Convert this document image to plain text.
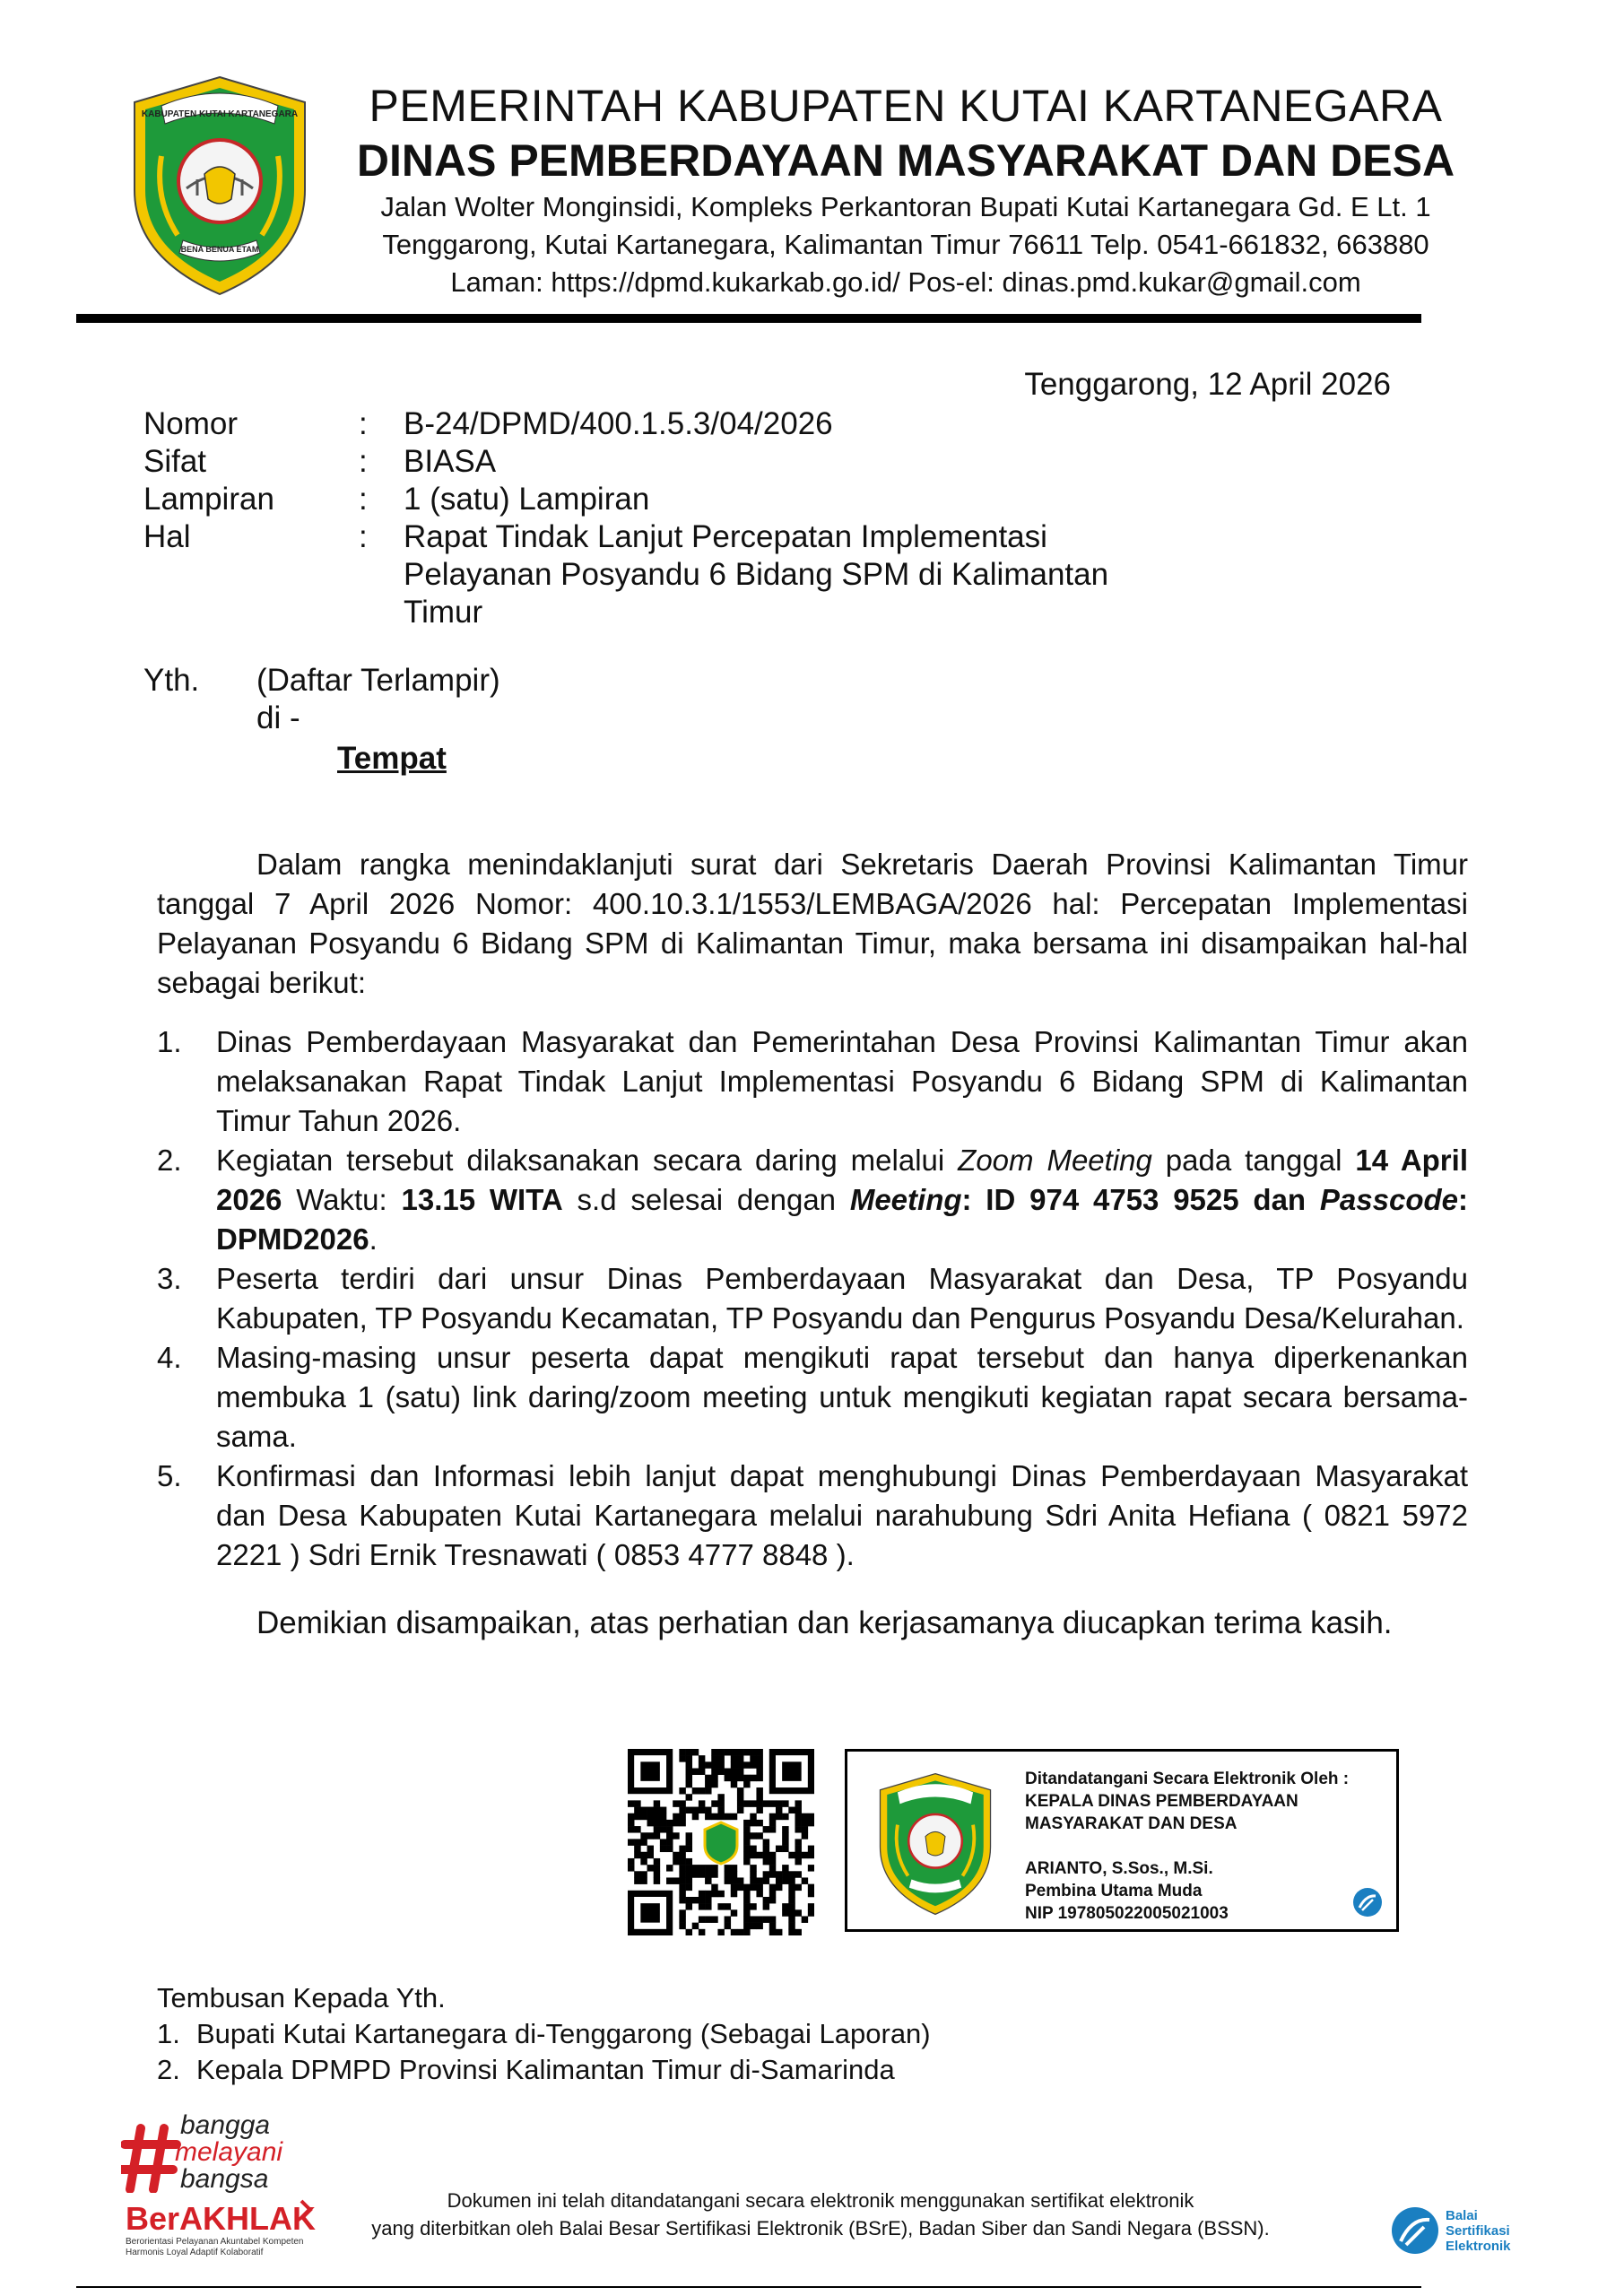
KABUPATEN KUTAI KARTANEGARA
BENA BENUA ETAM
PEMERINTAH KABUPATEN KUTAI KARTANEGARA
DINAS PEMBERDAYAAN MASYARAKAT DAN DESA
Jalan Wolter Monginsidi, Kompleks Perkantoran Bupati Kutai Kartanegara Gd. E Lt. 1
Tenggarong, Kutai Kartanegara, Kalimantan Timur 76611 Telp. 0541-661832, 663880
Laman: https://dpmd.kukarkab.go.id/ Pos-el: dinas.pmd.kukar@gmail.com
Tenggarong, 12 April 2026
Nomor	:	B-24/DPMD/400.1.5.3/04/2026
Sifat	:	BIASA
Lampiran	:	1 (satu) Lampiran
Hal	:	Rapat Tindak Lanjut Percepatan Implementasi
Pelayanan Posyandu 6 Bidang SPM di Kalimantan
Timur
Yth.	(Daftar Terlampir)
di -
Tempat

Dalam rangka menindaklanjuti surat dari Sekretaris Daerah Provinsi Kalimantan Timur tanggal 7 April 2026 Nomor: 400.10.3.1/1553/LEMBAGA/2026 hal: Percepatan Implementasi Pelayanan Posyandu 6 Bidang SPM di Kalimantan Timur, maka bersama ini disampaikan hal-hal sebagai berikut:

1.	Dinas Pemberdayaan Masyarakat dan Pemerintahan Desa Provinsi Kalimantan Timur akan melaksanakan Rapat Tindak Lanjut Implementasi Posyandu 6 Bidang SPM di Kalimantan Timur Tahun 2026.
2.	Kegiatan tersebut dilaksanakan secara daring melalui Zoom Meeting pada tanggal 14 April 2026 Waktu: 13.15 WITA s.d selesai dengan Meeting: ID 974 4753 9525 dan Passcode: DPMD2026.
3.	Peserta terdiri dari unsur Dinas Pemberdayaan Masyarakat dan Desa, TP Posyandu Kabupaten, TP Posyandu Kecamatan, TP Posyandu dan Pengurus Posyandu Desa/Kelurahan.
4.	Masing-masing unsur peserta dapat mengikuti rapat tersebut dan hanya diperkenankan membuka 1 (satu) link daring/zoom meeting untuk mengikuti kegiatan rapat secara bersama-sama.
5.	Konfirmasi dan Informasi lebih lanjut dapat menghubungi Dinas Pemberdayaan Masyarakat dan Desa Kabupaten Kutai Kartanegara melalui narahubung Sdri Anita Hefiana ( 0821 5972 2221 ) Sdri Ernik Tresnawati ( 0853 4777 8848 ).

Demikian disampaikan, atas perhatian dan kerjasamanya diucapkan terima kasih.

Ditandatangani Secara Elektronik Oleh :
KEPALA DINAS PEMBERDAYAAN
MASYARAKAT DAN DESA
ARIANTO, S.Sos., M.Si.
Pembina Utama Muda
NIP 197805022005021003
Tembusan Kepada Yth.
1. Bupati Kutai Kartanegara di-Tenggarong (Sebagai Laporan)
2. Kepala DPMPD Provinsi Kalimantan Timur di-Samarinda
bangga
melayani
bangsa
BerAKHLAK
Berorientasi Pelayanan Akuntabel Kompeten
Harmonis Loyal Adaptif Kolaboratif
Dokumen ini telah ditandatangani secara elektronik menggunakan sertifikat elektronik
yang diterbitkan oleh Balai Besar Sertifikasi Elektronik (BSrE), Badan Siber dan Sandi Negara (BSSN).
Balai
Sertifikasi
Elektronik
